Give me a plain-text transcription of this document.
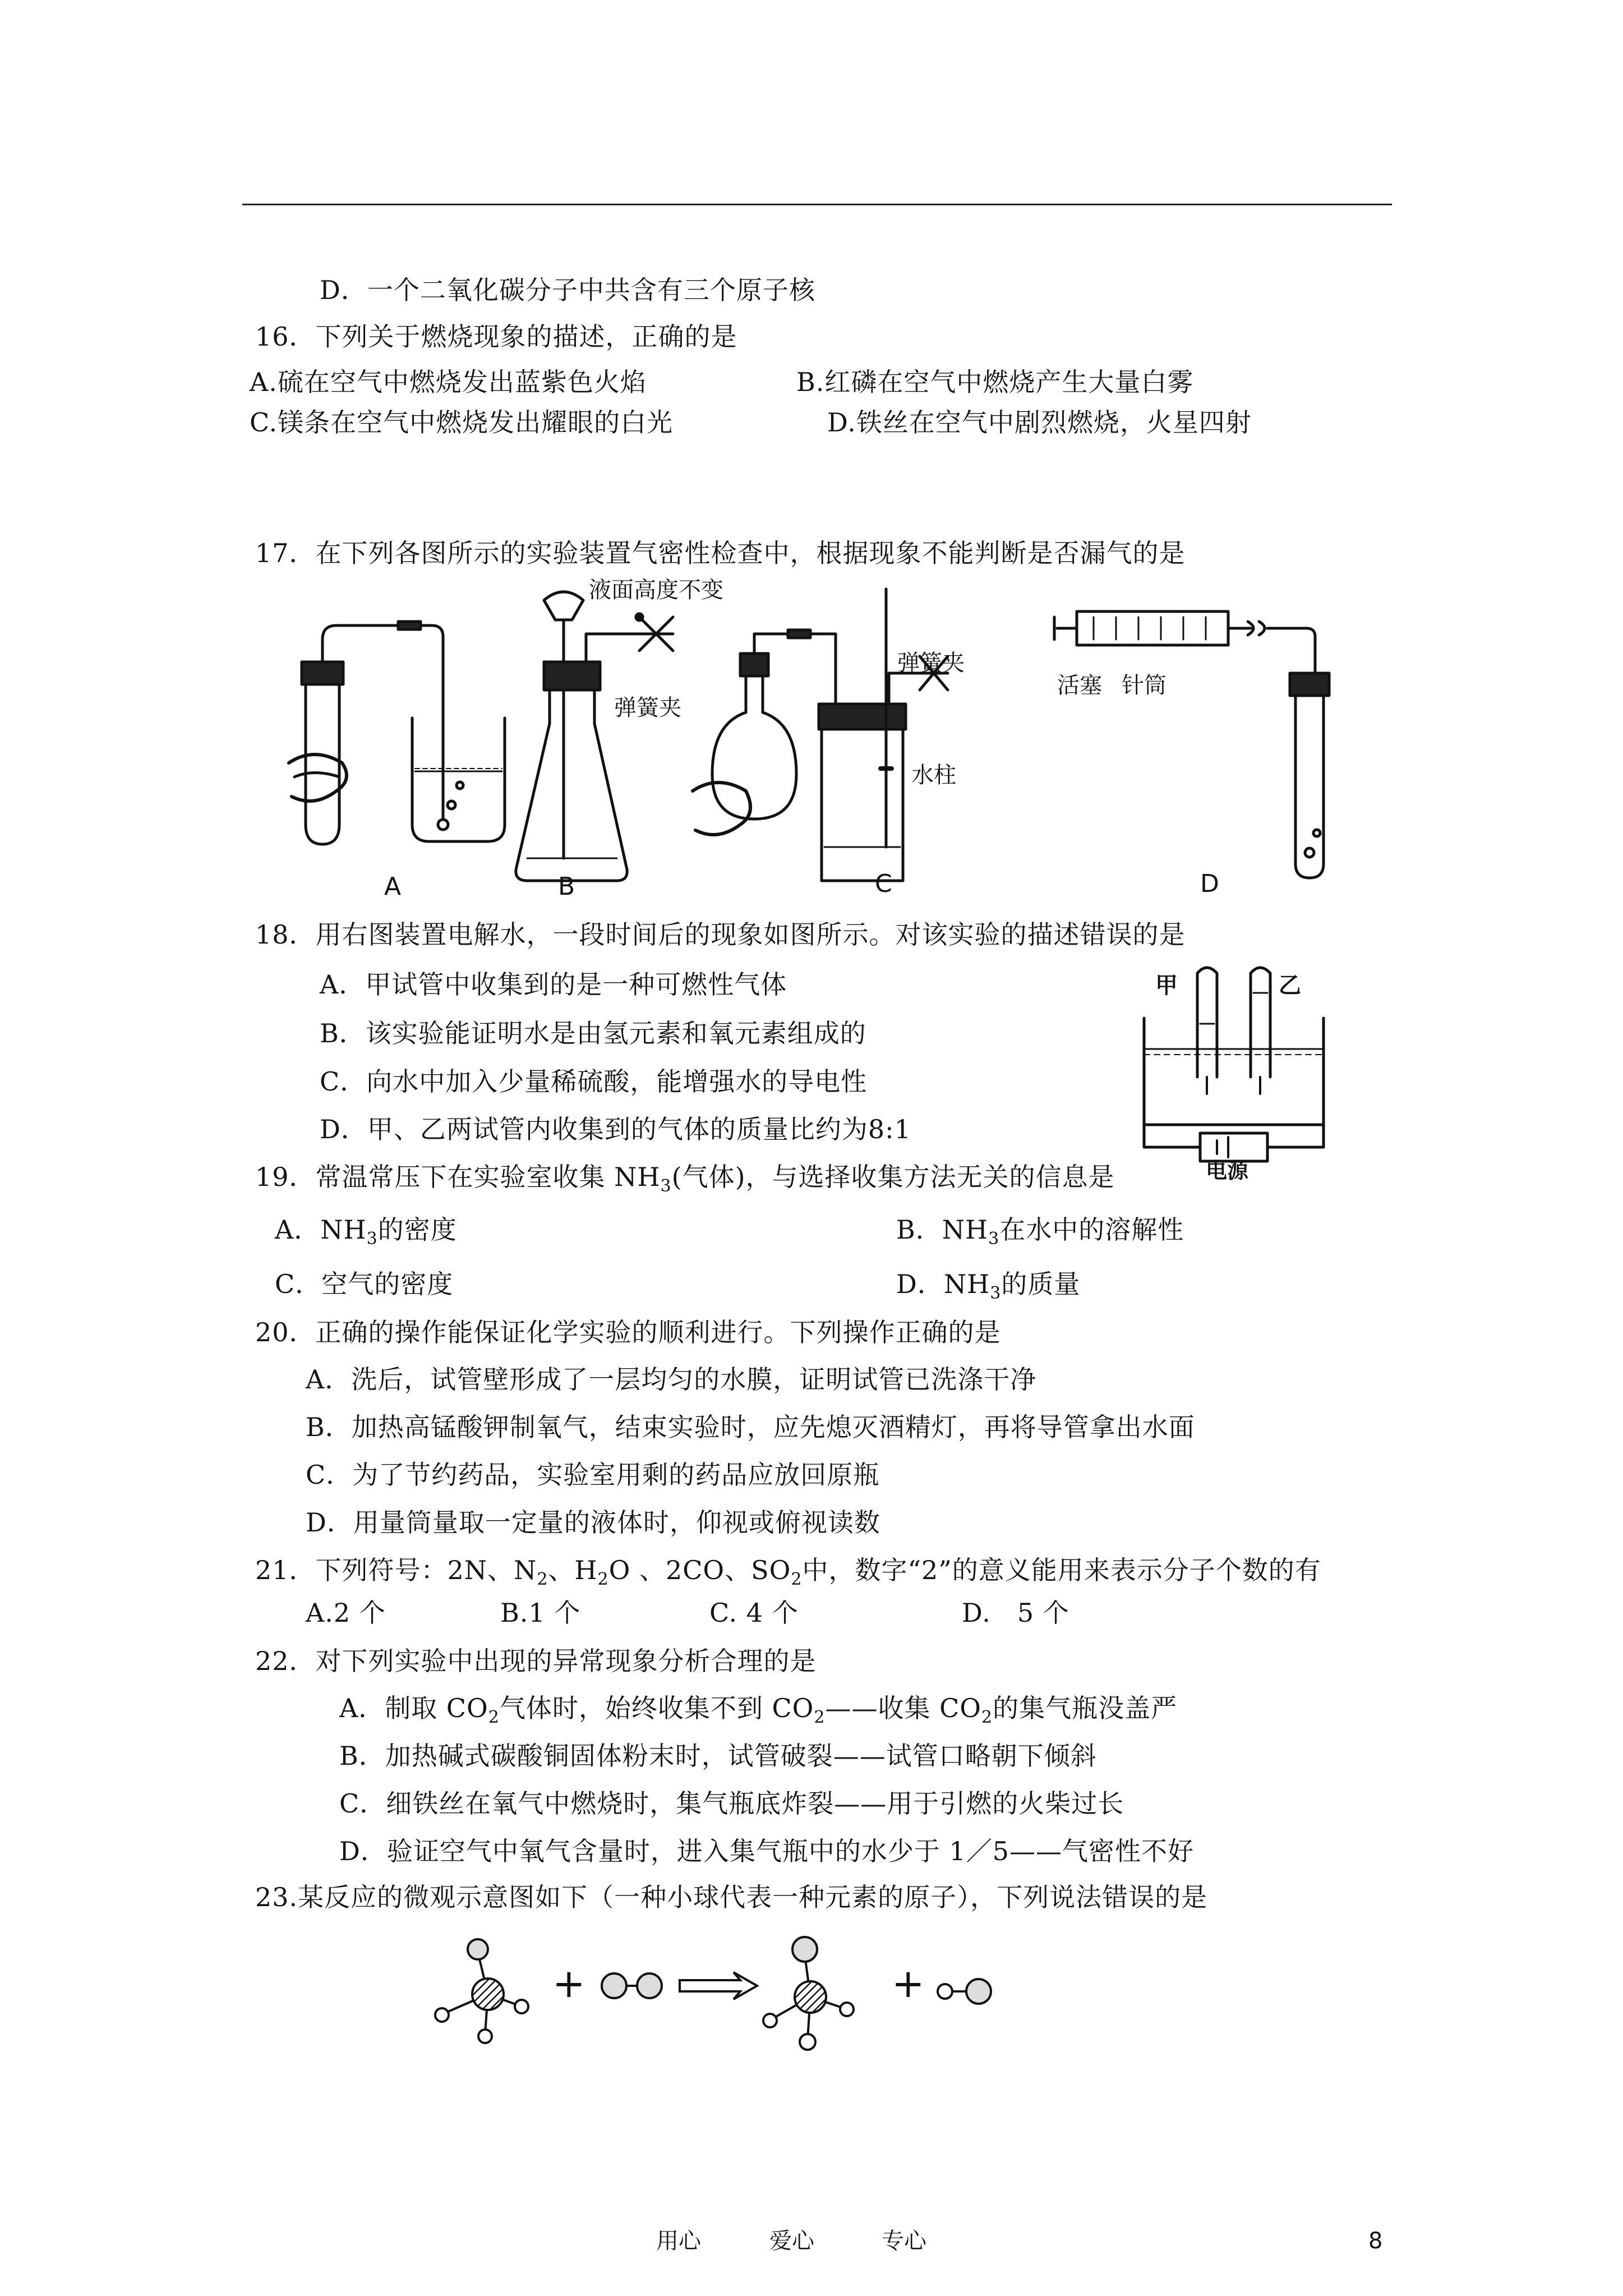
D．一个二氧化碳分子中共含有三个原子核
16．下列关于燃烧现象的描述，正确的是
A.硫在空气中燃烧发出蓝紫色火焰	B.红磷在空气中燃烧产生大量白雾
C.镁条在空气中燃烧发出耀眼的白光	D.铁丝在空气中剧烈燃烧，火星四射
17．在下列各图所示的实验装置气密性检查中，根据现象不能判断是否漏气的是
液面高度不变
弹簧夹
弹簧夹
水柱
活塞 针筒
A	B	C	D
18．用右图装置电解水，一段时间后的现象如图所示。对该实验的描述错误的是
A．甲试管中收集到的是一种可燃性气体
B．该实验能证明水是由氢元素和氧元素组成的
C．向水中加入少量稀硫酸，能增强水的导电性
D．甲、乙两试管内收集到的气体的质量比约为8:1
甲	乙
电源
19．常温常压下在实验室收集 $NH_3$(气体)，与选择收集方法无关的信息是
A．$NH_3$的密度	B．$NH_3$在水中的溶解性
C．空气的密度	D．$NH_3$的质量
20．正确的操作能保证化学实验的顺利进行。下列操作正确的是
A．洗后，试管壁形成了一层均匀的水膜，证明试管已洗涤干净
B．加热高锰酸钾制氧气，结束实验时，应先熄灭酒精灯，再将导管拿出水面
C．为了节约药品，实验室用剩的药品应放回原瓶
D．用量筒量取一定量的液体时，仰视或俯视读数
21．下列符号：2N、$N_2$、$H_2O$ 、2CO、$SO_2$中，数字“2”的意义能用来表示分子个数的有
A.2 个	B.1 个	C. 4 个	D.　5 个
22．对下列实验中出现的异常现象分析合理的是
A．制取 $CO_2$气体时，始终收集不到 $CO_2——$收集 $CO_2$的集气瓶没盖严
B．加热碱式碳酸铜固体粉末时，试管破裂——试管口略朝下倾斜
C．细铁丝在氧气中燃烧时，集气瓶底炸裂——用于引燃的火柴过长
D．验证空气中氧气含量时，进入集气瓶中的水少于 1／5——气密性不好
23.某反应的微观示意图如下（一种小球代表一种元素的原子），下列说法错误的是
+	+
用心	爱心	专心	8
